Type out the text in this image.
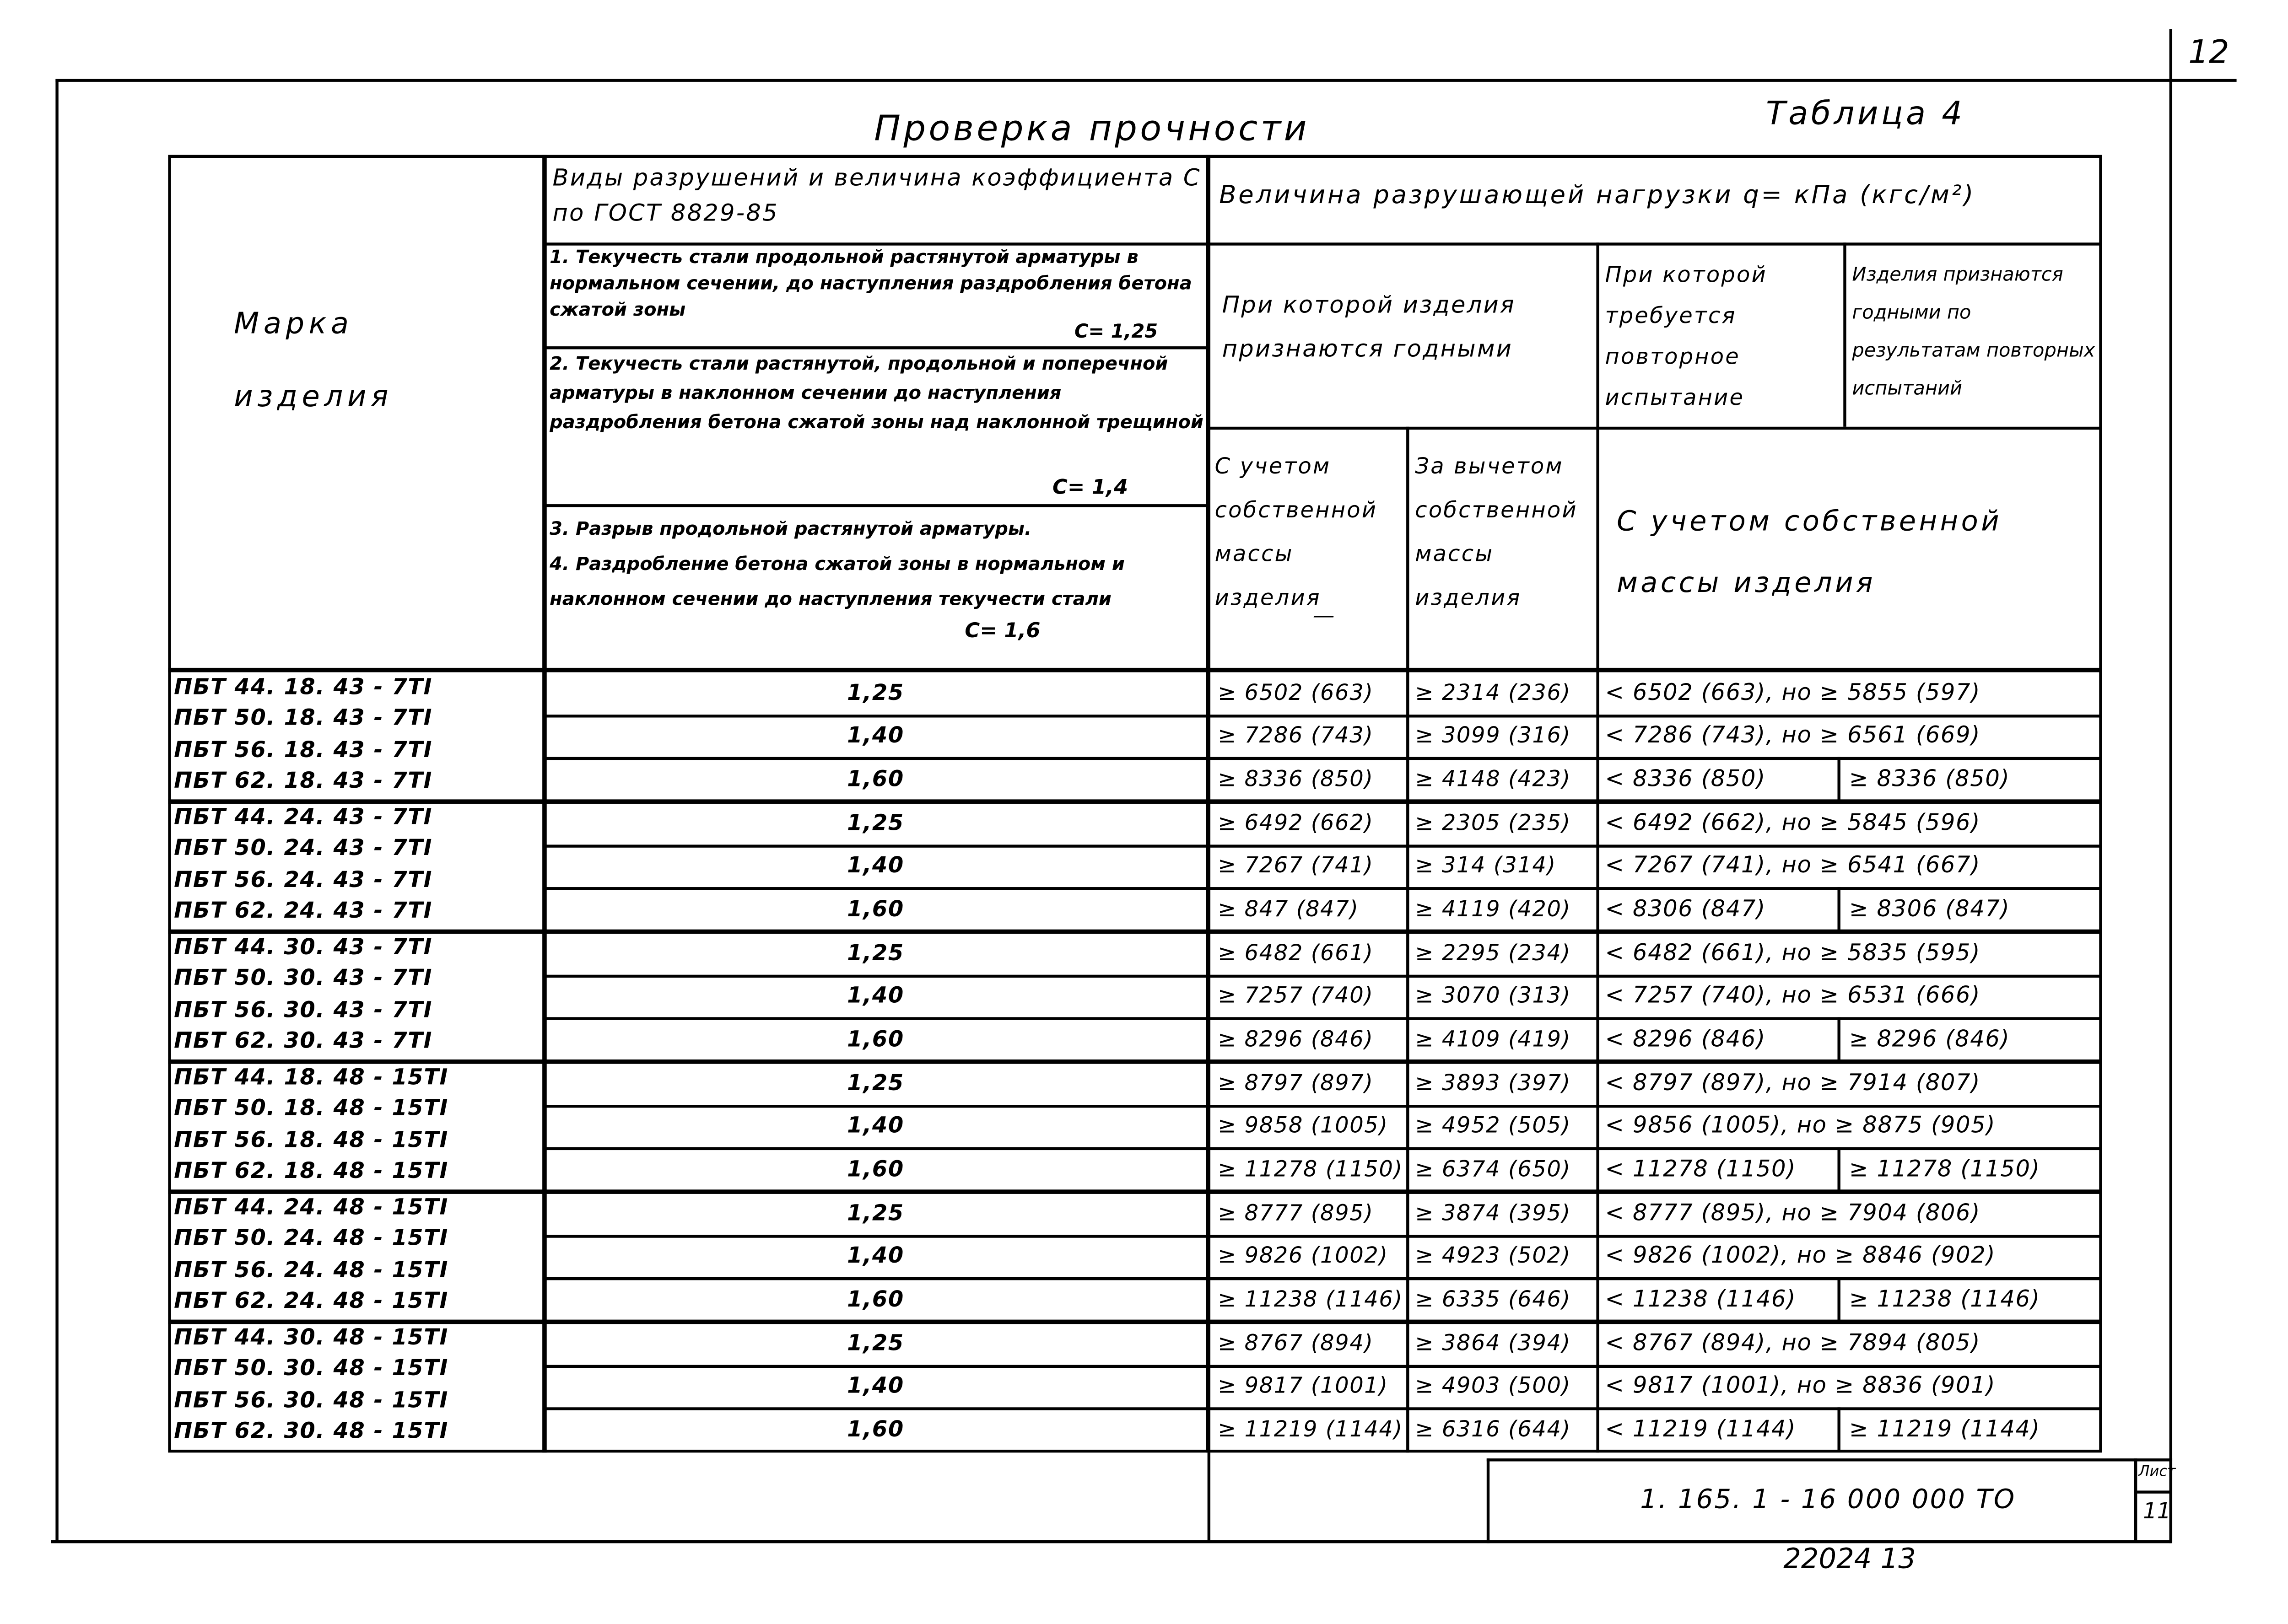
12
Проверка прочности	Таблица 4
Марка изделия
Виды разрушений и величина коэффициента С по ГОСТ 8829-85
1. Текучесть стали продольной растянутой арматуры в нормальном сечении, до наступления раздробления бетона сжатой зоны
С= 1,25
2. Текучесть стали растянутой, продольной и поперечной арматуры в наклонном сечении до наступления раздробления бетона сжатой зоны над наклонной трещиной
С= 1,4
3. Разрыв продольной растянутой арматуры.
4. Раздробление бетона сжатой зоны в нормальном и наклонном сечении до наступления текучести стали
С= 1,6
Величина разрушающей нагрузки q= кПа (кгс/м²)
При которой изделия признаются годными
При которой требуется повторное испытание
Изделия признаются годными по результатам повторных испытаний
С учетом собственной массы изделия
—
За вычетом собственной массы изделия
С учетом собственной массы изделия
ПБТ 44. 18. 43 - 7ТI
ПБТ 50. 18. 43 - 7ТI
ПБТ 56. 18. 43 - 7ТI
ПБТ 62. 18. 43 - 7ТI
1,25	≥ 6502 (663)	≥ 2314 (236)	< 6502 (663), но ≥ 5855 (597)
1,40	≥ 7286 (743)	≥ 3099 (316)	< 7286 (743), но ≥ 6561 (669)
1,60	≥ 8336 (850)	≥ 4148 (423)	< 8336 (850)	≥ 8336 (850)
ПБТ 44. 24. 43 - 7ТI
ПБТ 50. 24. 43 - 7ТI
ПБТ 56. 24. 43 - 7ТI
ПБТ 62. 24. 43 - 7ТI
1,25	≥ 6492 (662)	≥ 2305 (235)	< 6492 (662), но ≥ 5845 (596)
1,40	≥ 7267 (741)	≥ 314 (314)	< 7267 (741), но ≥ 6541 (667)
1,60	≥ 847 (847)	≥ 4119 (420)	< 8306 (847)	≥ 8306 (847)
ПБТ 44. 30. 43 - 7ТI
ПБТ 50. 30. 43 - 7ТI
ПБТ 56. 30. 43 - 7ТI
ПБТ 62. 30. 43 - 7ТI
1,25	≥ 6482 (661)	≥ 2295 (234)	< 6482 (661), но ≥ 5835 (595)
1,40	≥ 7257 (740)	≥ 3070 (313)	< 7257 (740), но ≥ 6531 (666)
1,60	≥ 8296 (846)	≥ 4109 (419)	< 8296 (846)	≥ 8296 (846)
ПБТ 44. 18. 48 - 15ТI
ПБТ 50. 18. 48 - 15ТI
ПБТ 56. 18. 48 - 15ТI
ПБТ 62. 18. 48 - 15ТI
1,25	≥ 8797 (897)	≥ 3893 (397)	< 8797 (897), но ≥ 7914 (807)
1,40	≥ 9858 (1005)	≥ 4952 (505)	< 9856 (1005), но ≥ 8875 (905)
1,60	≥ 11278 (1150)	≥ 6374 (650)	< 11278 (1150)	≥ 11278 (1150)
ПБТ 44. 24. 48 - 15ТI
ПБТ 50. 24. 48 - 15ТI
ПБТ 56. 24. 48 - 15ТI
ПБТ 62. 24. 48 - 15ТI
1,25	≥ 8777 (895)	≥ 3874 (395)	< 8777 (895), но ≥ 7904 (806)
1,40	≥ 9826 (1002)	≥ 4923 (502)	< 9826 (1002), но ≥ 8846 (902)
1,60	≥ 11238 (1146)	≥ 6335 (646)	< 11238 (1146)	≥ 11238 (1146)
ПБТ 44. 30. 48 - 15ТI
ПБТ 50. 30. 48 - 15ТI
ПБТ 56. 30. 48 - 15ТI
ПБТ 62. 30. 48 - 15ТI
1,25	≥ 8767 (894)	≥ 3864 (394)	< 8767 (894), но ≥ 7894 (805)
1,40	≥ 9817 (1001)	≥ 4903 (500)	< 9817 (1001), но ≥ 8836 (901)
1,60	≥ 11219 (1144)	≥ 6316 (644)	< 11219 (1144)	≥ 11219 (1144)
1. 165. 1 - 16 000 000 ТО
Лист
11
22024 13
